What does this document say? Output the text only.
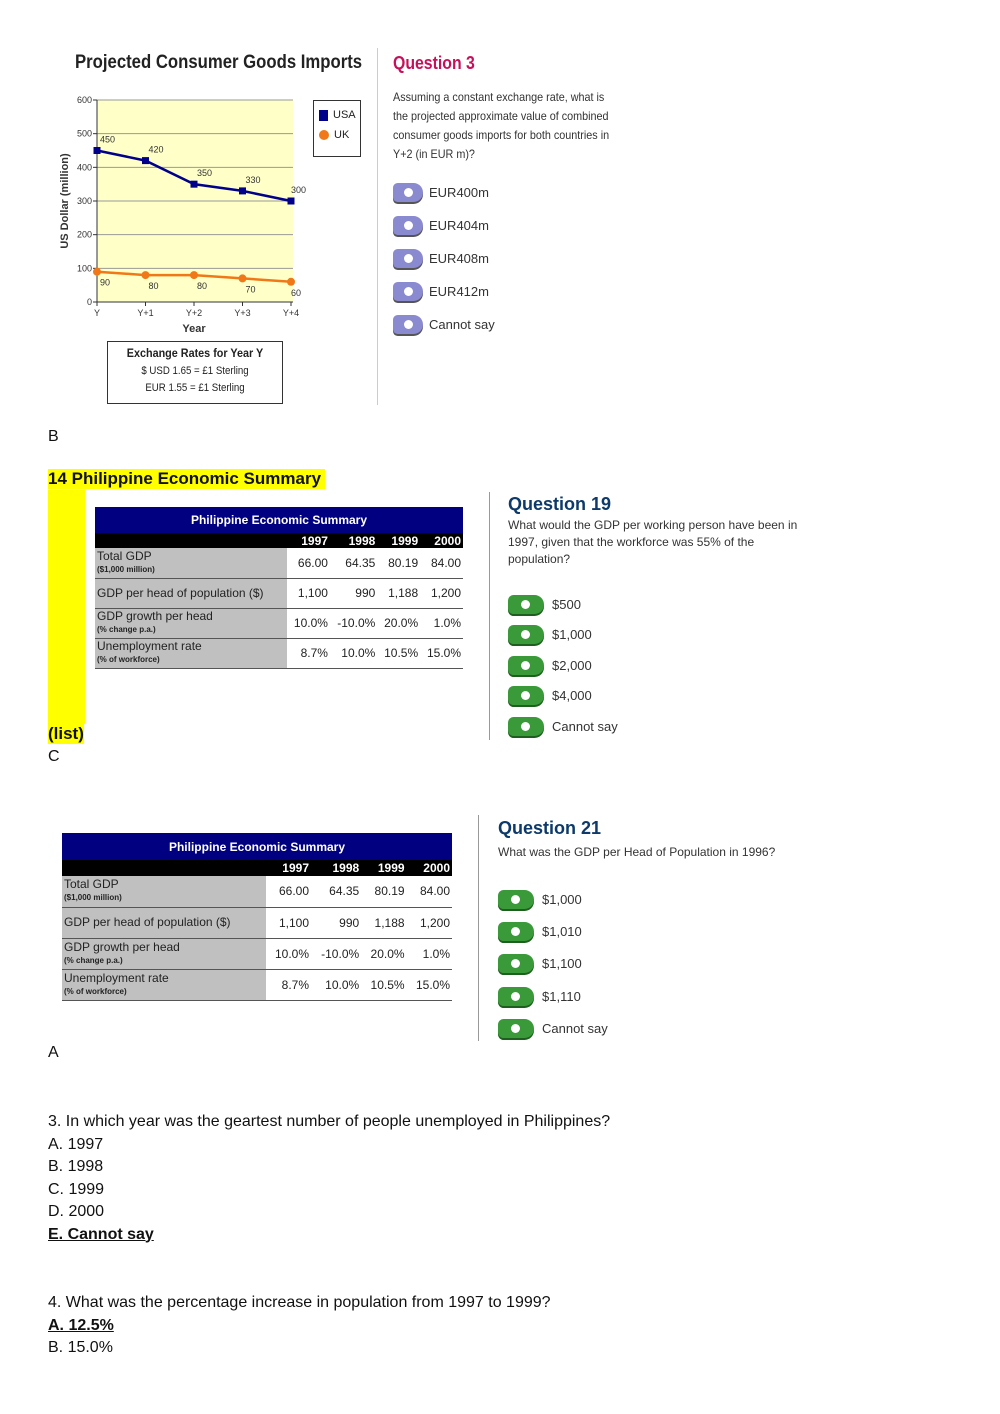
Projected Consumer Goods Imports
US Dollar (million)
0
100
200
300
400
500
600
Y	Y+1	Y+2	Y+3	Y+4
Year
450
420
350
330
300
90	80	80	70	60
USA
UK
Exchange Rates for Year Y
$ USD 1.65 = £1 Sterling
EUR 1.55 = £1 Sterling
Question 3
Assuming a constant exchange rate, what is the projected approximate value of combined consumer goods imports for both countries in Y+2 (in EUR m)?
EUR400m
EUR404m
EUR408m
EUR412m
Cannot say
B
14 Philippine Economic Summary
(list)
C
Philippine Economic Summary				
	1997	1998	1999	2000
Total GDP
($1,000 million)	66.00	64.35	80.19	84.00
GDP per head of population ($)	1,100	990	1,188	1,200
GDP growth per head
(% change p.a.)	10.0%	-10.0%	20.0%	1.0%
Unemployment rate
(% of workforce)	8.7%	10.0%	10.5%	15.0%
Question 19
What would the GDP per working person have been in 1997, given that the workforce was 55% of the population?
$500
$1,000
$2,000
$4,000
Cannot say
Philippine Economic Summary				
	1997	1998	1999	2000
Total GDP
($1,000 million)	66.00	64.35	80.19	84.00
GDP per head of population ($)	1,100	990	1,188	1,200
GDP growth per head
(% change p.a.)	10.0%	-10.0%	20.0%	1.0%
Unemployment rate
(% of workforce)	8.7%	10.0%	10.5%	15.0%
Question 21
What was the GDP per Head of Population in 1996?
$1,000
$1,010
$1,100
$1,110
Cannot say
A
3. In which year was the geartest number of people unemployed in Philippines?
A. 1997
B. 1998
C. 1999
D. 2000
E. Cannot say
4. What was the percentage increase in population from 1997 to 1999?
A. 12.5%
B. 15.0%
